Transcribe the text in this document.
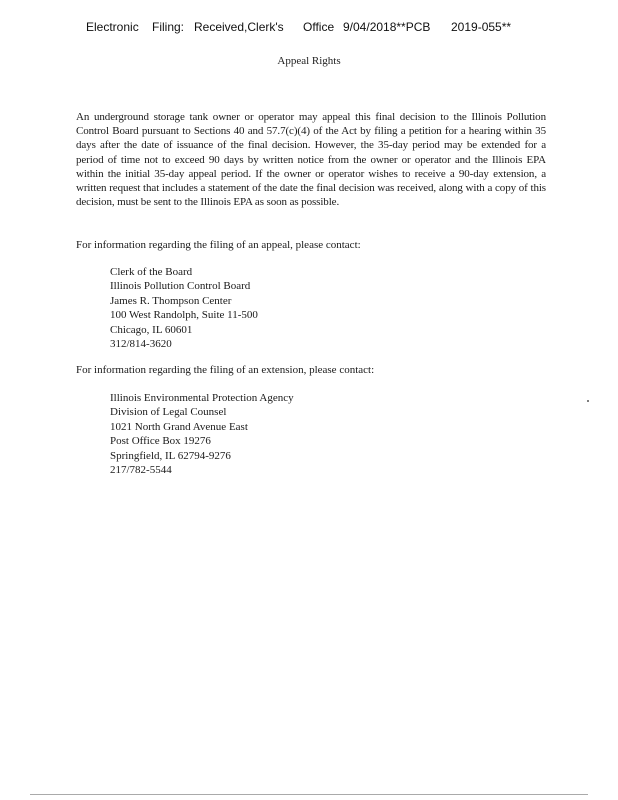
Electronic Filing: Received,Clerk's Office 9/04/2018**PCB 2019-055**
Appeal Rights

An underground storage tank owner or operator may appeal this final decision to the Illinois Pollution Control Board pursuant to Sections 40 and 57.7(c)(4) of the Act by filing a petition for a hearing within 35 days after the date of issuance of the final decision. However, the 35-day period may be extended for a period of time not to exceed 90 days by written notice from the owner or operator and the Illinois EPA within the initial 35-day appeal period. If the owner or operator wishes to receive a 90-day extension, a written request that includes a statement of the date the final decision was received, along with a copy of this decision, must be sent to the Illinois EPA as soon as possible.

For information regarding the filing of an appeal, please contact:

Clerk of the Board
Illinois Pollution Control Board
James R. Thompson Center
100 West Randolph, Suite 11-500
Chicago, IL 60601
312/814-3620

For information regarding the filing of an extension, please contact:

Illinois Environmental Protection Agency
Division of Legal Counsel
1021 North Grand Avenue East
Post Office Box 19276
Springfield, IL 62794-9276
217/782-5544
